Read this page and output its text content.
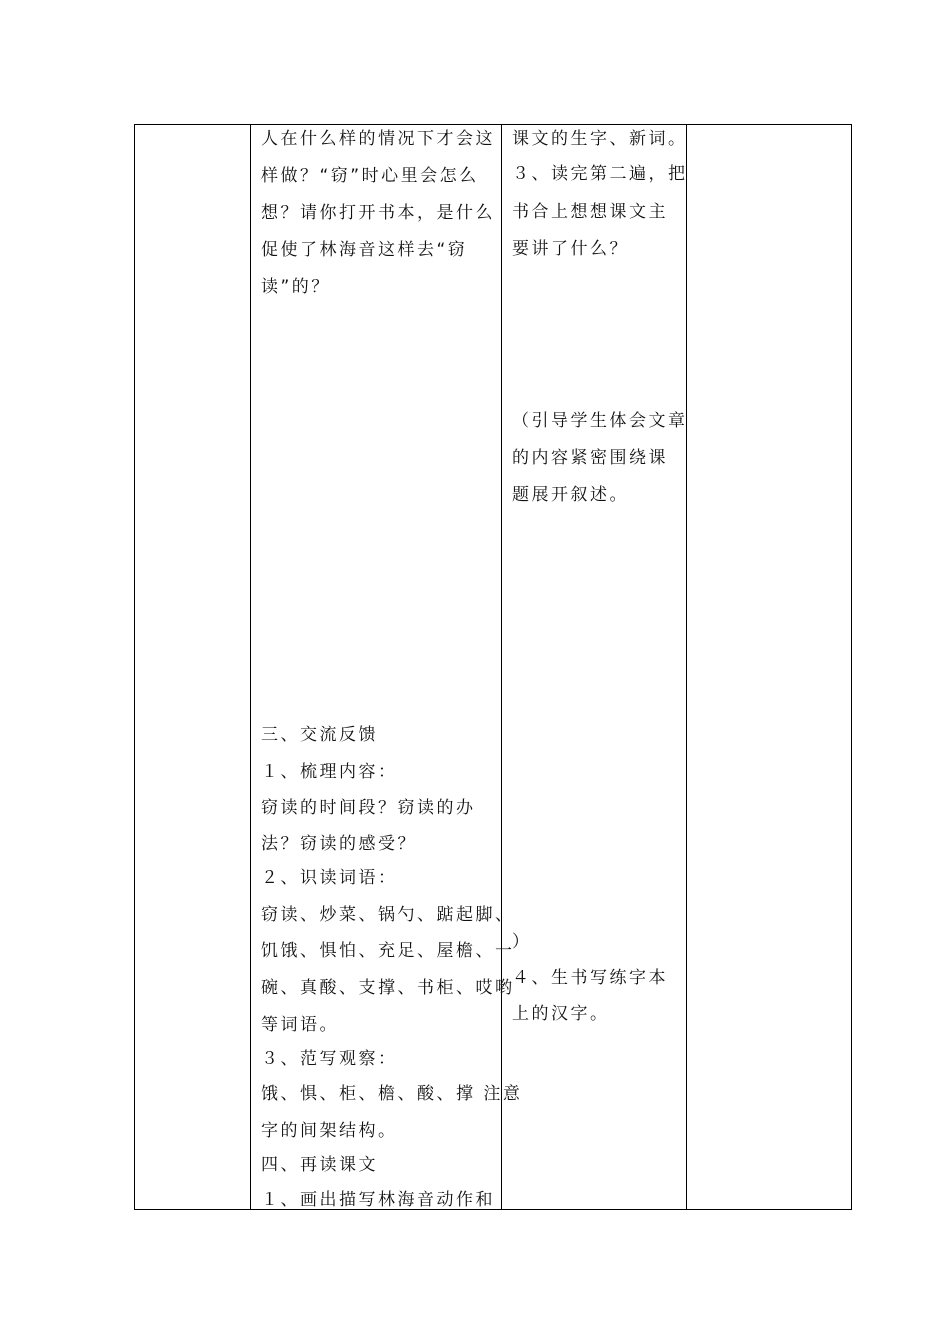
人在什么样的情况下才会这
样做？“窃”时心里会怎么
想？请你打开书本，是什么
促使了林海音这样去“窃
读”的？
三、交流反馈
１、梳理内容：
窃读的时间段？窃读的办
法？窃读的感受？
２、识读词语：
窃读、炒菜、锅勺、踮起脚、
饥饿、惧怕、充足、屋檐、一
碗、真酸、支撑、书柜、哎哟
等词语。
３、范写观察：
饿、惧、柜、檐、酸、撑 注意
字的间架结构。
四、再读课文
１、画出描写林海音动作和
课文的生字、新词。
３、读完第二遍，把
书合上想想课文主
要讲了什么？
（引导学生体会文章
的内容紧密围绕课
题展开叙述。
）
４、生书写练字本
上的汉字。
